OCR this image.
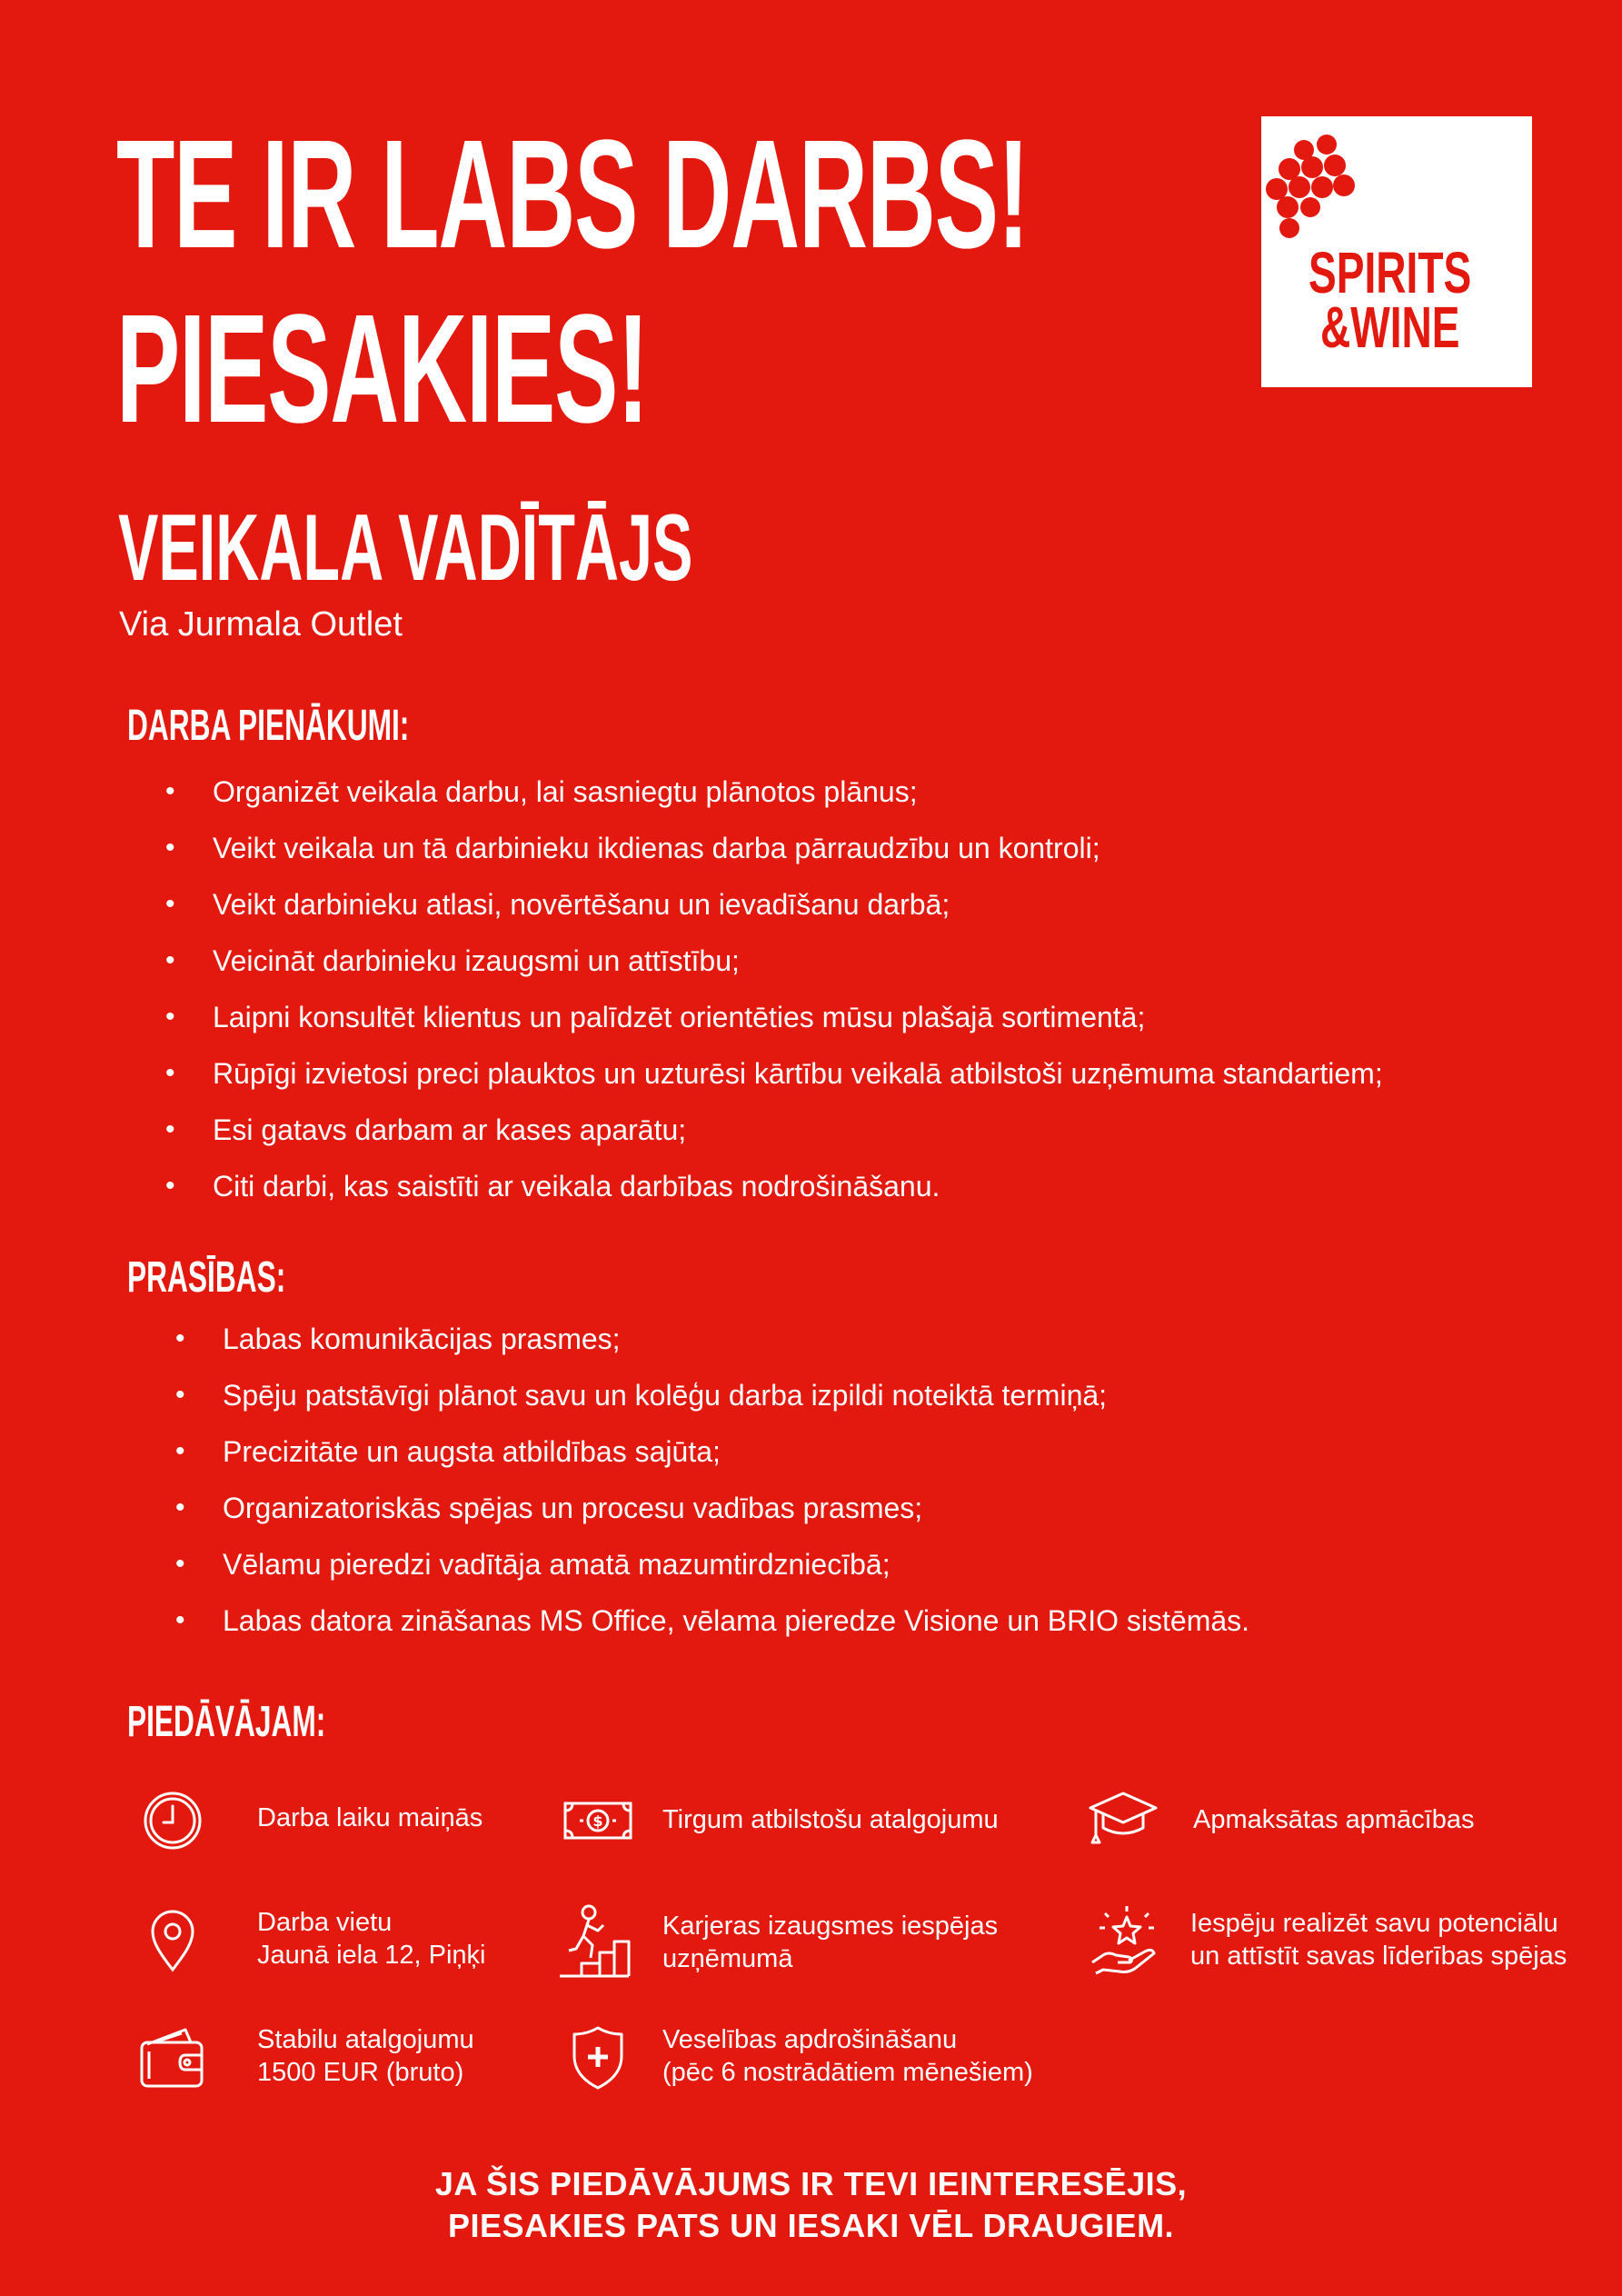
TE IR LABS DARBS!
PIESAKIES!
SPIRITS
&WINE
VEIKALA VADĪTĀJS
Via Jurmala Outlet
DARBA PIENĀKUMI:
• Organizēt veikala darbu, lai sasniegtu plānotos plānus;
• Veikt veikala un tā darbinieku ikdienas darba pārraudzību un kontroli;
• Veikt darbinieku atlasi, novērtēšanu un ievadīšanu darbā;
• Veicināt darbinieku izaugsmi un attīstību;
• Laipni konsultēt klientus un palīdzēt orientēties mūsu plašajā sortimentā;
• Rūpīgi izvietosi preci plauktos un uzturēsi kārtību veikalā atbilstoši uzņēmuma standartiem;
• Esi gatavs darbam ar kases aparātu;
• Citi darbi, kas saistīti ar veikala darbības nodrošināšanu.
PRASĪBAS:
• Labas komunikācijas prasmes;
• Spēju patstāvīgi plānot savu un kolēģu darba izpildi noteiktā termiņā;
• Precizitāte un augsta atbildības sajūta;
• Organizatoriskās spējas un procesu vadības prasmes;
• Vēlamu pieredzi vadītāja amatā mazumtirdzniecībā;
• Labas datora zināšanas MS Office, vēlama pieredze Visione un BRIO sistēmās.
PIEDĀVĀJAM:
Darba laiku maiņās	$ Tirgum atbilstošu atalgojumu	Apmaksātas apmācības
Darba vietu
Jaunā iela 12, Piņķi
Karjeras izaugsmes iespējas
uzņēmumā
Iespēju realizēt savu potenciālu
un attīstīt savas līderības spējas
Stabilu atalgojumu
1500 EUR (bruto)
Veselības apdrošināšanu
(pēc 6 nostrādātiem mēnešiem)
JA ŠIS PIEDĀVĀJUMS IR TEVI IEINTERESĒJIS,
PIESAKIES PATS UN IESAKI VĒL DRAUGIEM.
